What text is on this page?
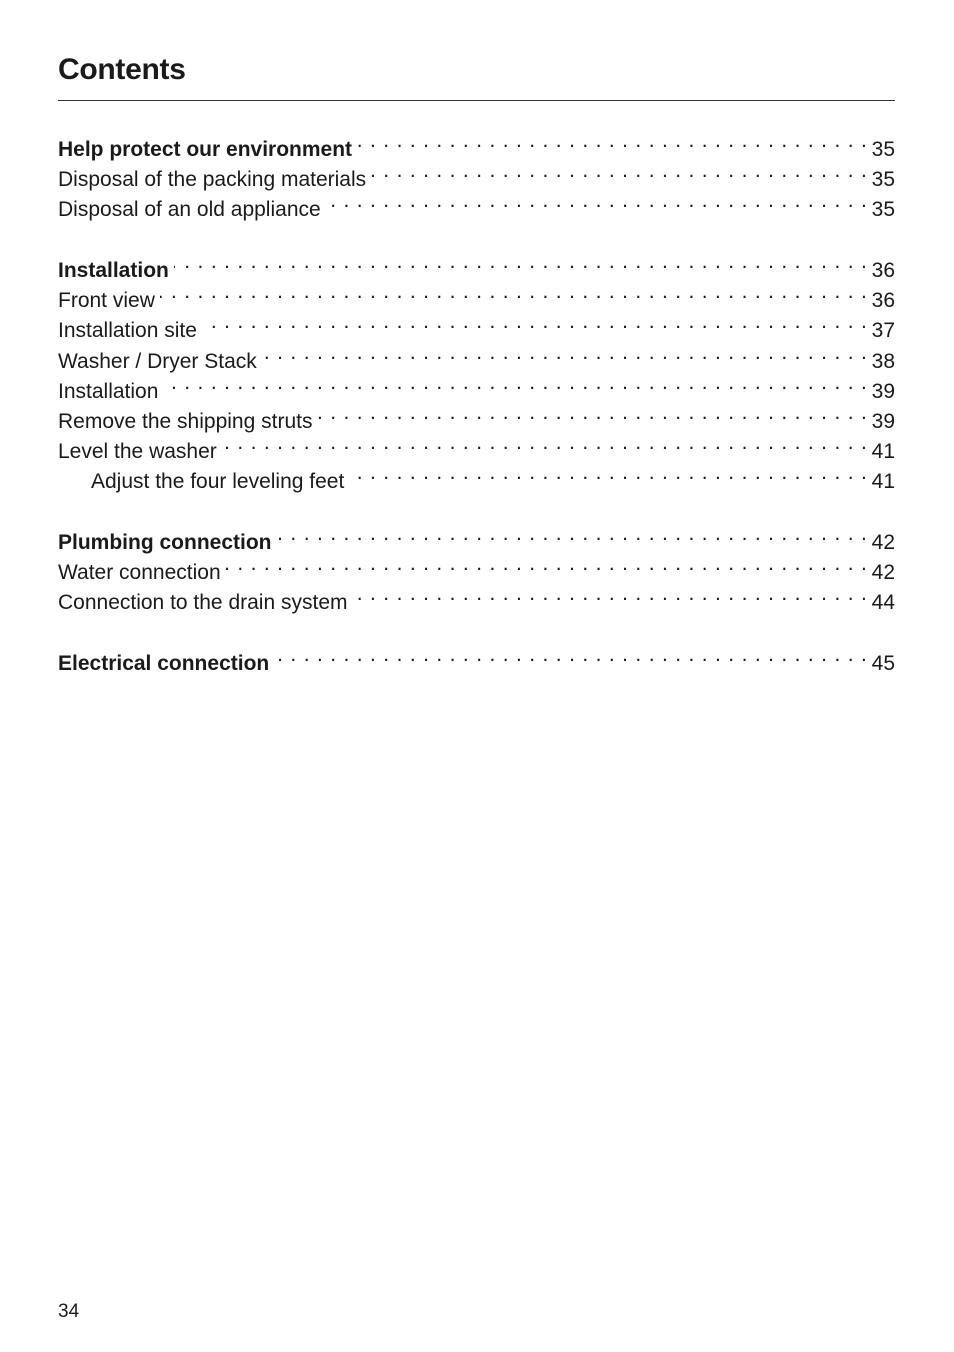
Contents
Help protect our environment . . .	35
Disposal of the packing materials . . .	35
Disposal of an old appliance . . .	35
Installation . . .	36
Front view . . .	36
Installation site . . .	37
Washer / Dryer Stack . . .	38
Installation . . .	39
Remove the shipping struts . . .	39
Level the washer . . .	41
Adjust the four leveling feet . . .	41
Plumbing connection . . .	42
Water connection . . .	42
Connection to the drain system . . .	44
Electrical connection . . .	45
34
